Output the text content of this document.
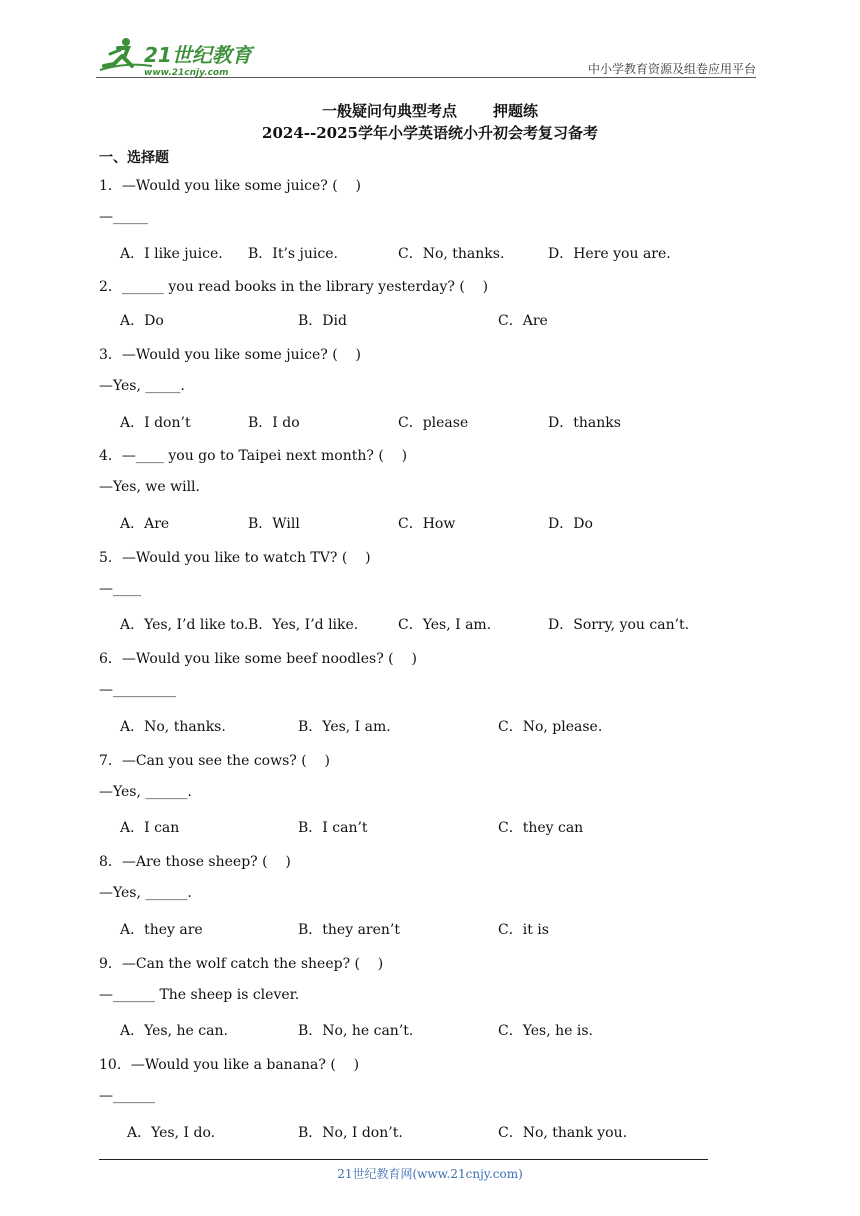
21世纪教育
www.21cnjy.com	中小学教育资源及组卷应用平台
一般疑问句典型考点 押题练
2024--2025学年小学英语统小升初会考复习备考
一、选择题
1．—Would you like some juice? (    )
—_____
A．I like juice. B．It’s juice.	C．No, thanks.	D．Here you are.
2．______ you read books in the library yesterday? (    )
A．Do	B．Did	C．Are
3．—Would you like some juice? (    )
—Yes, _____.
A．I don’t	B．I do	C．please	D．thanks
4．—____ you go to Taipei next month? (    )
—Yes, we will.
A．Are	B．Will	C．How	D．Do
5．—Would you like to watch TV? (    )
—____
A．Yes, I’d like to. B．Yes, I’d like.	C．Yes, I am.	D．Sorry, you can’t.
6．—Would you like some beef noodles? (    )
—_________
A．No, thanks.	B．Yes, I am.	C．No, please.
7．—Can you see the cows? (    )
—Yes, ______.
A．I can	B．I can’t	C．they can
8．—Are those sheep? (    )
—Yes, ______.
A．they are	B．they aren’t	C．it is
9．—Can the wolf catch the sheep? (    )
—______ The sheep is clever.
A．Yes, he can.	B．No, he can’t.	C．Yes, he is.
10．—Would you like a banana? (    )
—______
A．Yes, I do.	B．No, I don’t.	C．No, thank you.
21世纪教育网(www.21cnjy.com)
